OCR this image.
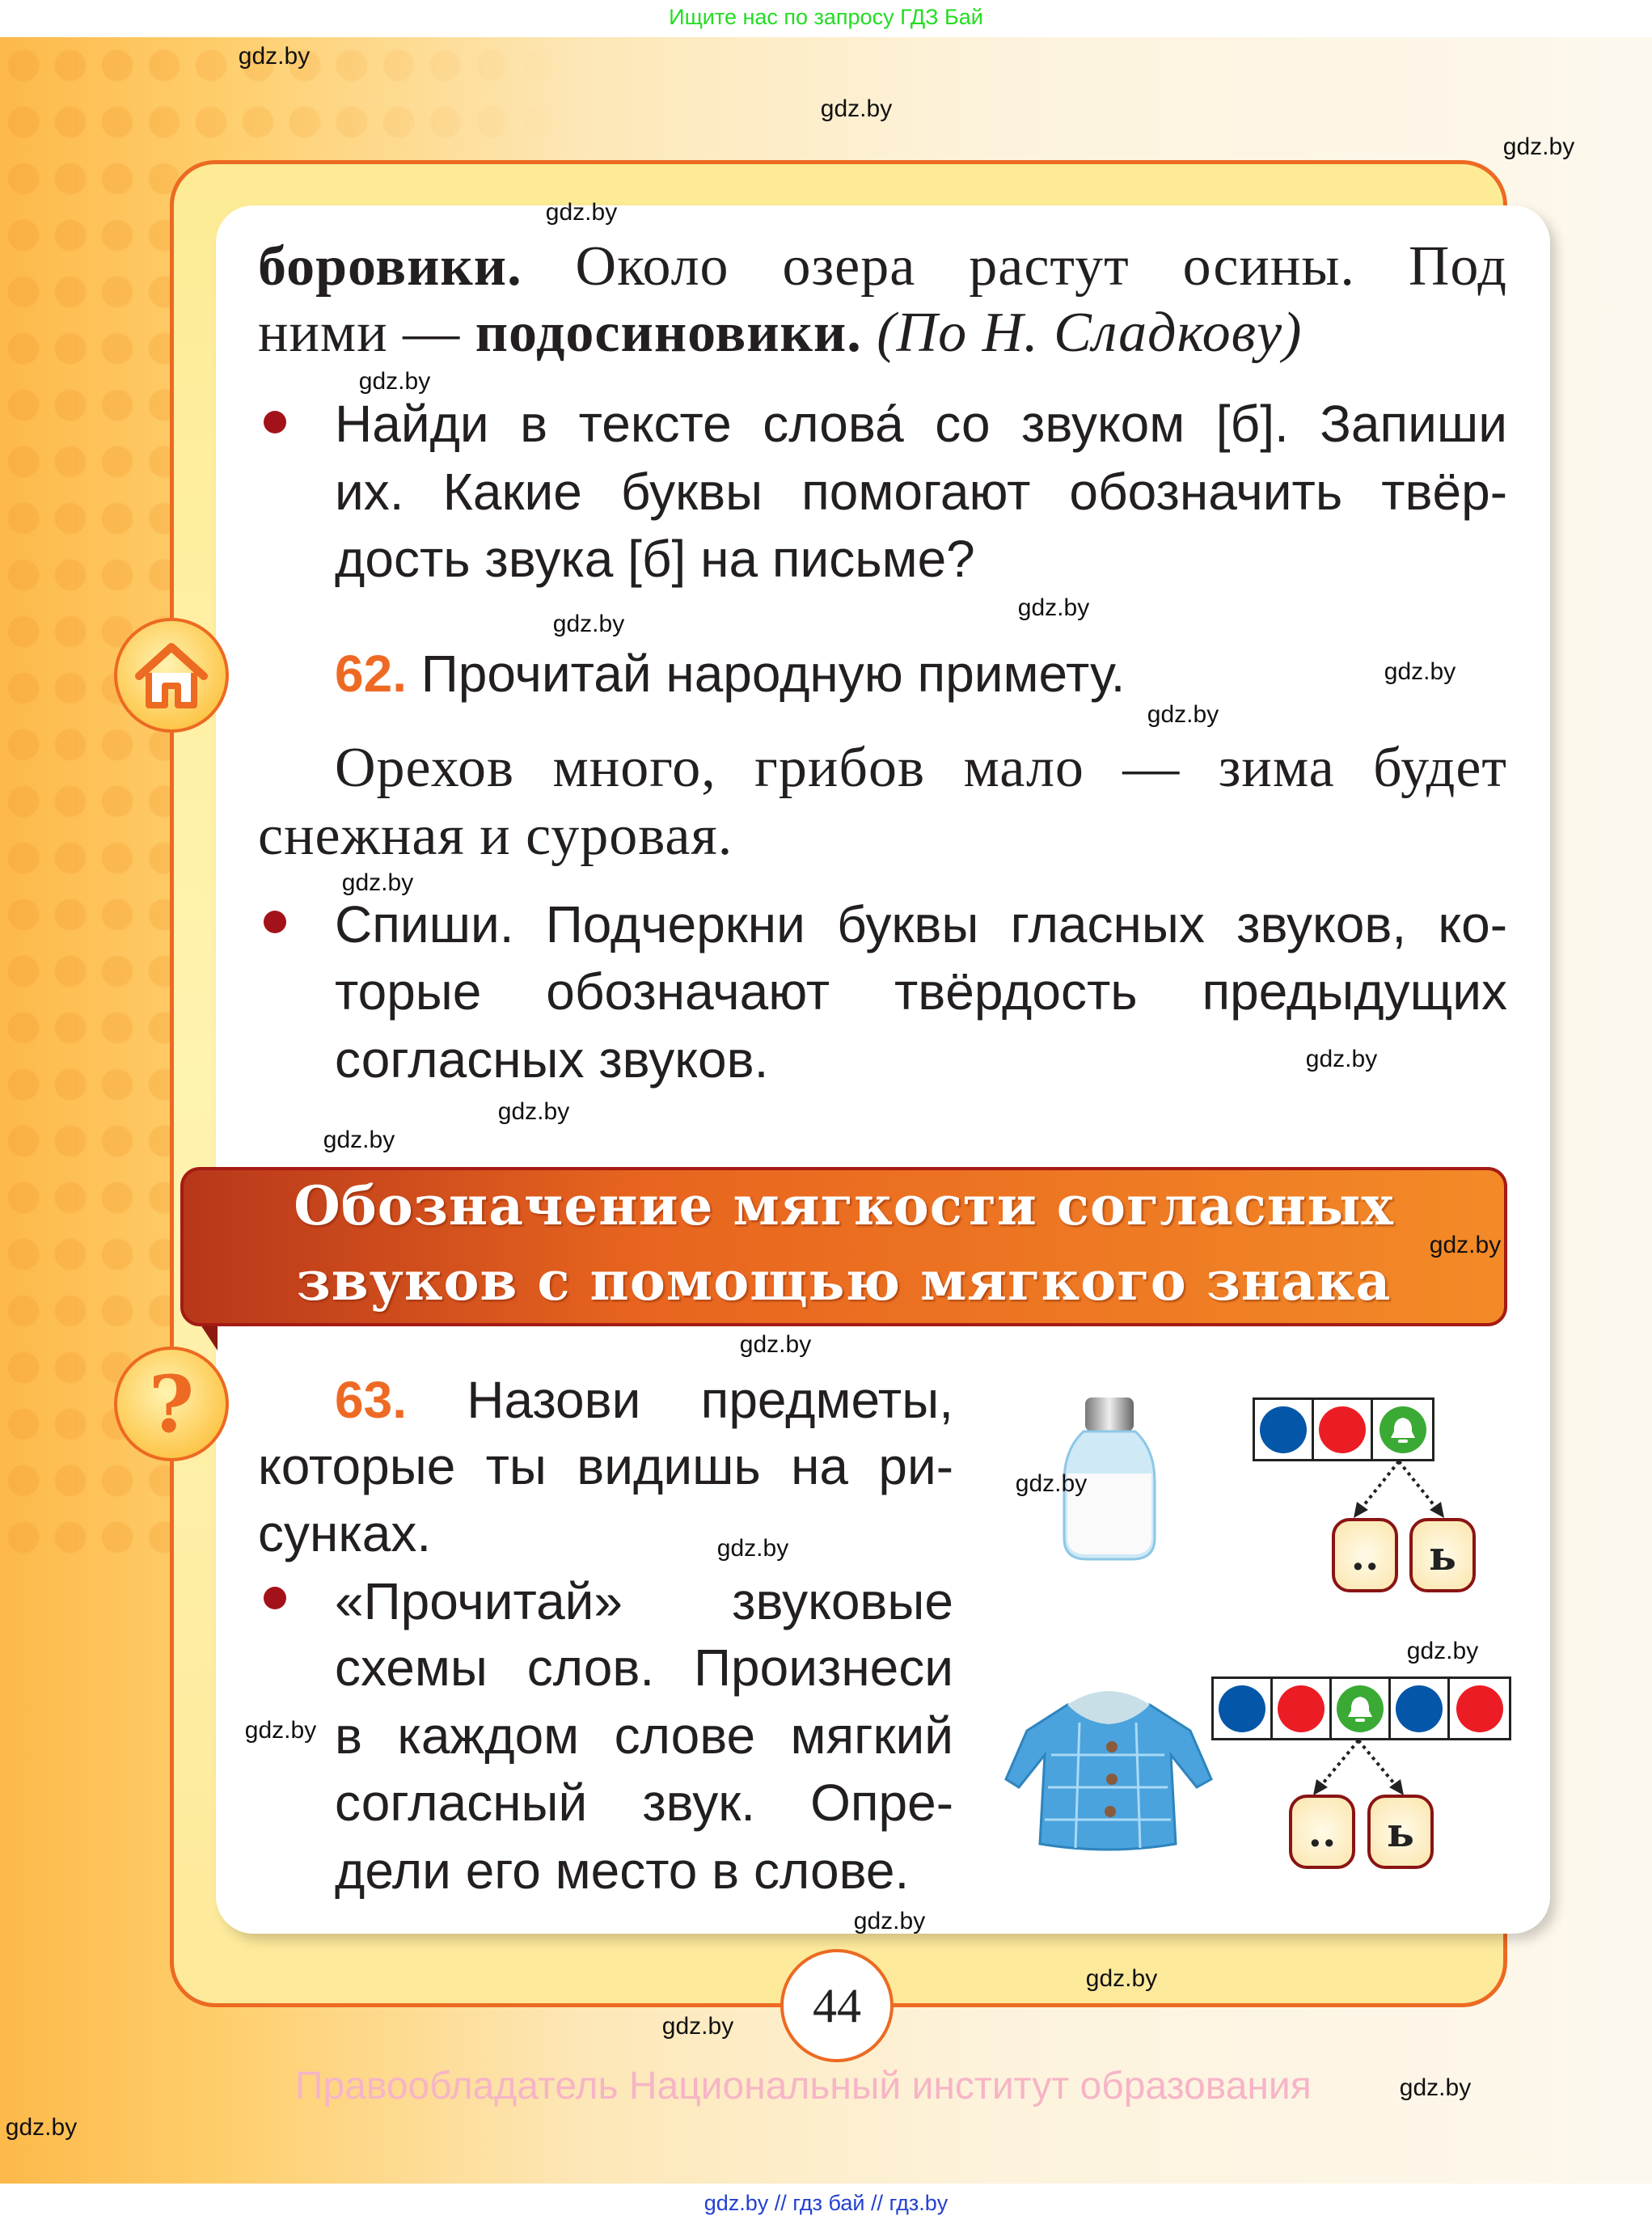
Ищите нас по запросу ГДЗ Бай
боровики. Около озера растут осины. Под
ними — подосиновики. (По Н. Сладкову)
Найди в тексте слова́ со звуком [б]. Запиши
их. Какие буквы помогают обозначить твёр-
дость звука [б] на письме?
62. Прочитай народную примету.
Орехов много, грибов мало — зима будет
снежная и суровая.
Спиши. Подчеркни буквы гласных звуков, ко-
торые обозначают твёрдость предыдущих
согласных звуков.
Обозначение мягкости согласных
звуков с помощью мягкого знака
?	63. Назови предметы,
которые ты видишь на ри-
сунках.
«Прочитай» звуковые
схемы слов. Произнеси
в каждом слове мягкий
согласный звук. Опре-
дели его место в слове.
..	ь
..	ь
44
Правообладатель Национальный институт образования
gdz.by // гдз бай // гдз.by
gdz.by
gdz.by
gdz.by
gdz.by
gdz.by
gdz.by
gdz.by
gdz.by
gdz.by
gdz.by
gdz.by
gdz.by
gdz.by
gdz.by
gdz.by
gdz.by
gdz.by
gdz.by
gdz.by
gdz.by
gdz.by
gdz.by
gdz.by
gdz.by
